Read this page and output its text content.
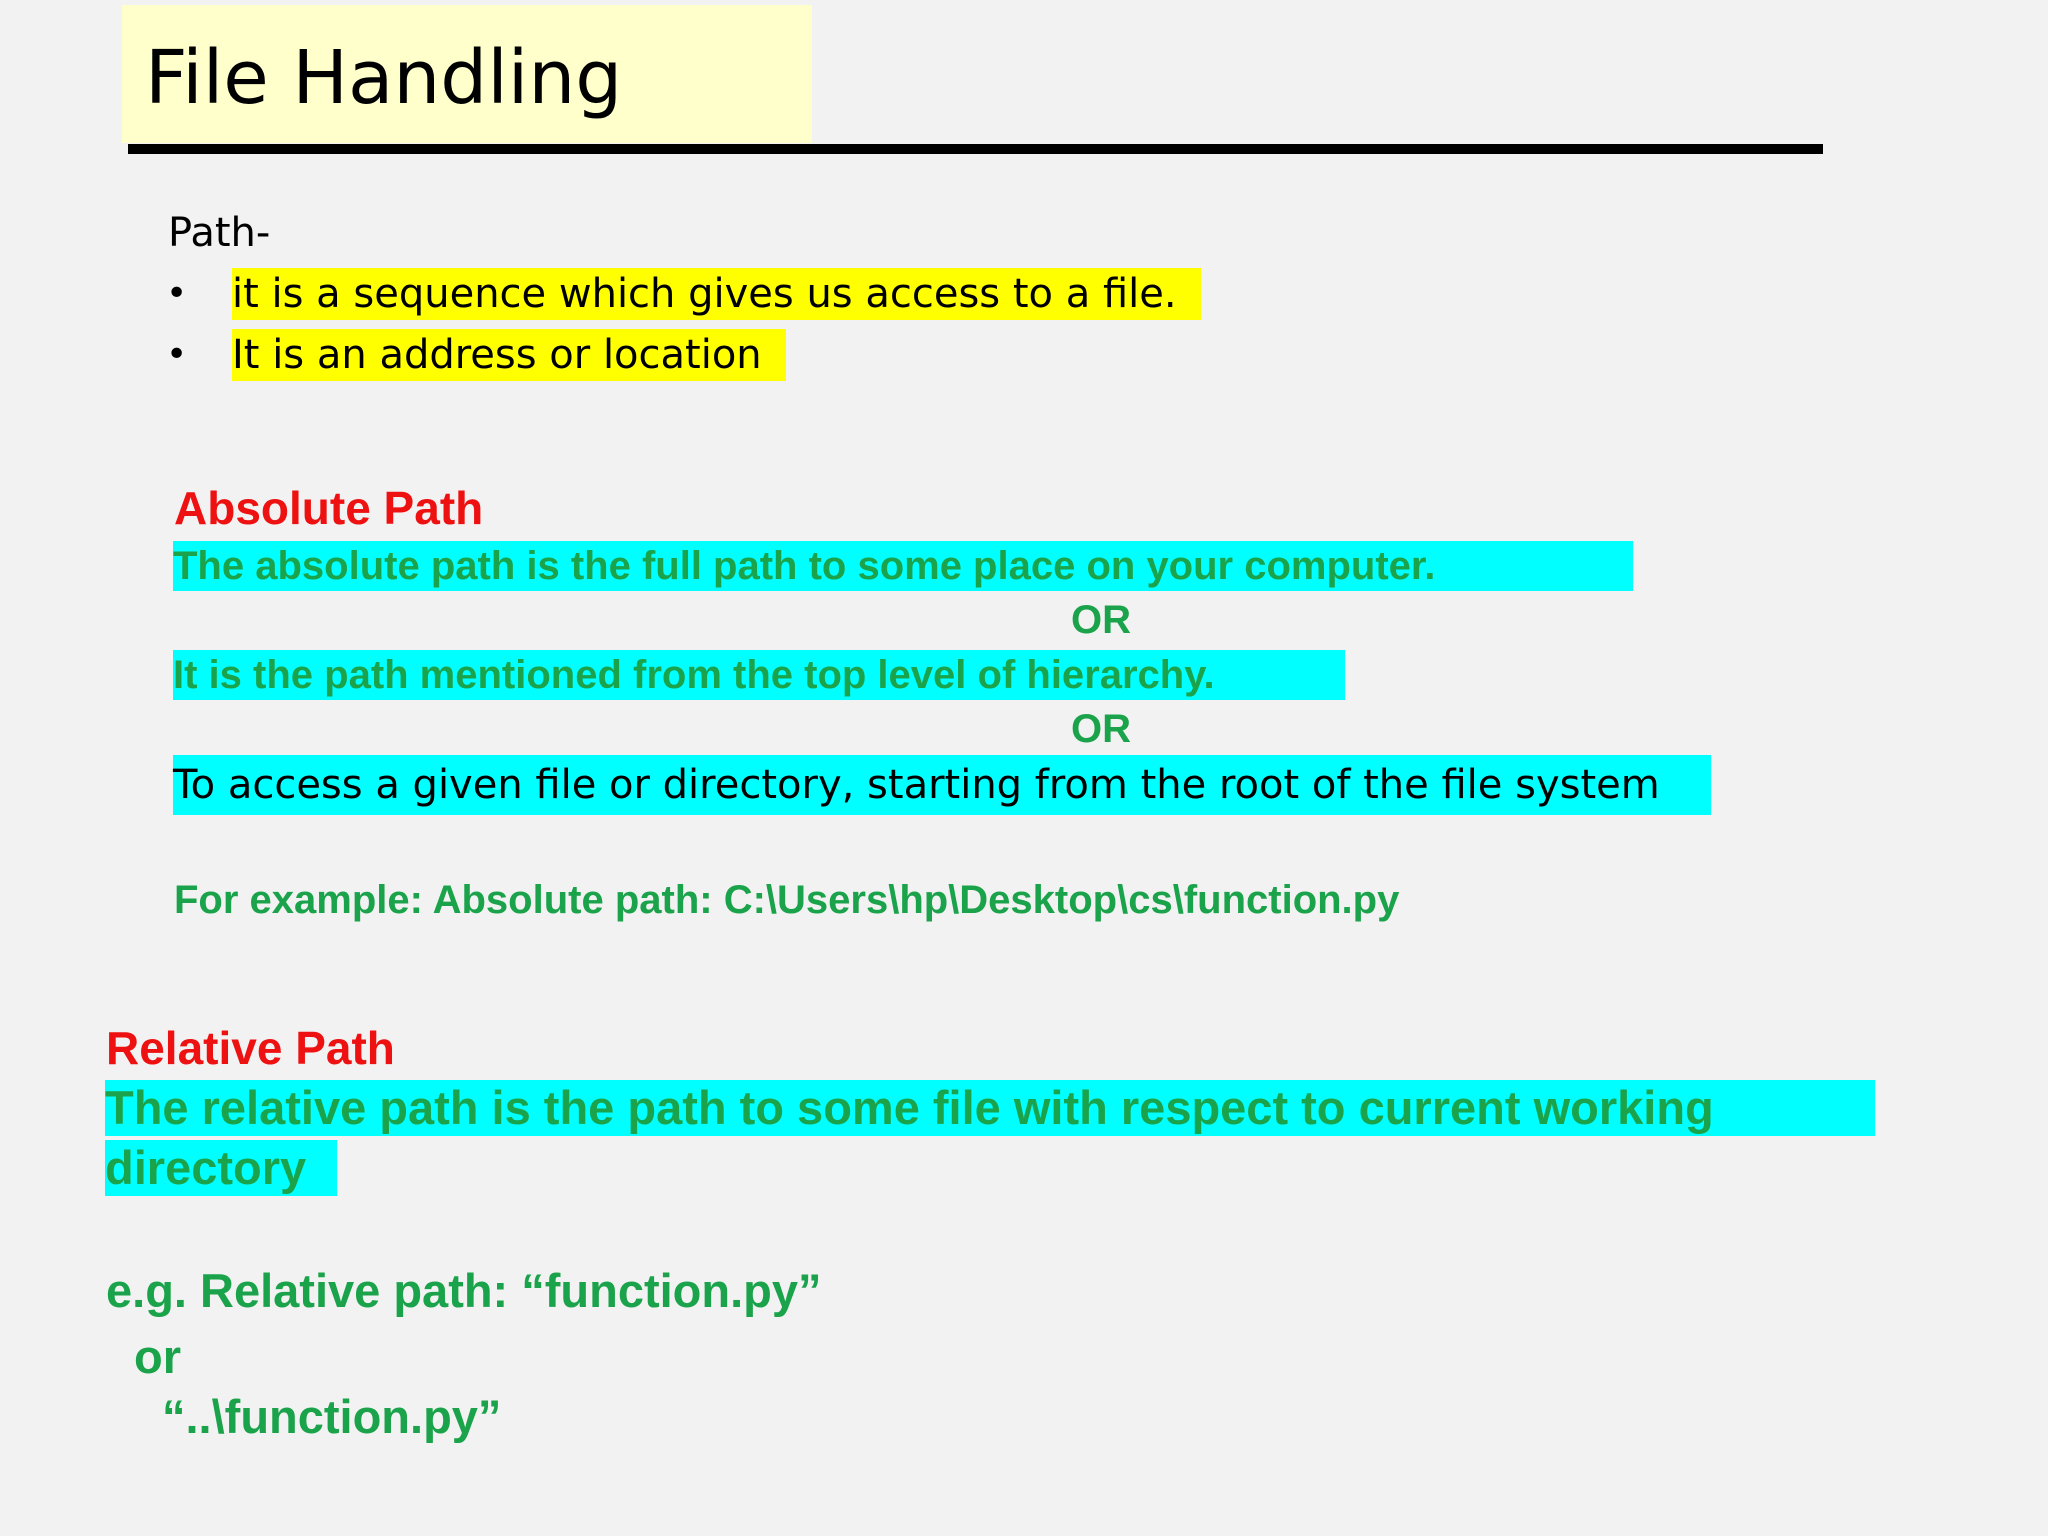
File Handling
Path-
• it is a sequence which gives us access to a file.
• It is an address or location
Absolute Path
The absolute path is the full path to some place on your computer.
OR
It is the path mentioned from the top level of hierarchy.
OR
To access a given file or directory, starting from the root of the file system
For example: Absolute path: C:\Users\hp\Desktop\cs\function.py
Relative Path
The relative path is the path to some file with respect to current working
directory
e.g. Relative path: “function.py”
or
“..\function.py”
